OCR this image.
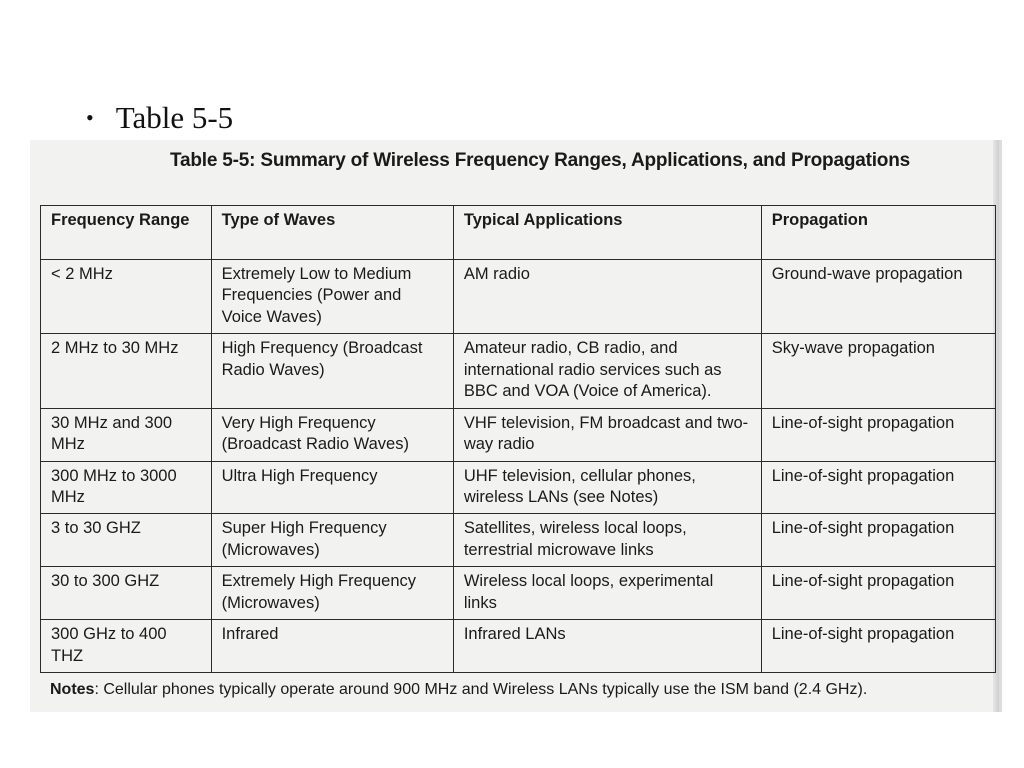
• Table 5-5
Table 5-5: Summary of Wireless Frequency Ranges, Applications, and Propagations
Frequency Range	Type of Waves	Typical Applications	Propagation
< 2 MHz	Extremely Low to Medium Frequencies (Power and Voice Waves)	AM radio	Ground-wave propagation
2 MHz to 30 MHz	High Frequency (Broadcast Radio Waves)	Amateur radio, CB radio, and international radio services such as BBC and VOA (Voice of America).	Sky-wave propagation
30 MHz and 300 MHz	Very High Frequency (Broadcast Radio Waves)	VHF television, FM broadcast and two-way radio	Line-of-sight propagation
300 MHz to 3000 MHz	Ultra High Frequency	UHF television, cellular phones, wireless LANs (see Notes)	Line-of-sight propagation
3 to 30 GHZ	Super High Frequency (Microwaves)	Satellites, wireless local loops, terrestrial microwave links	Line-of-sight propagation
30 to 300 GHZ	Extremely High Frequency (Microwaves)	Wireless local loops, experimental links	Line-of-sight propagation
300 GHz to 400 THZ	Infrared	Infrared LANs	Line-of-sight propagation
Notes: Cellular phones typically operate around 900 MHz and Wireless LANs typically use the ISM band (2.4 GHz).
